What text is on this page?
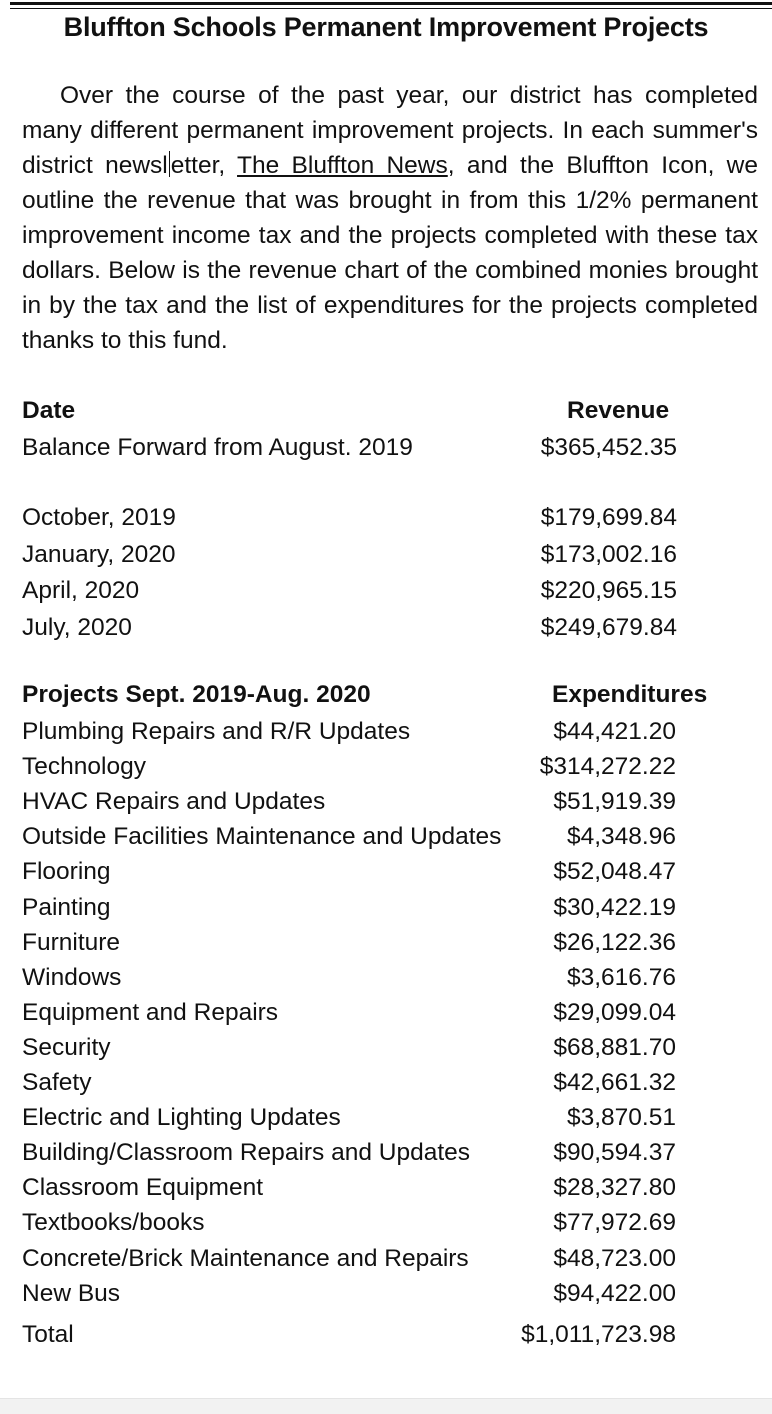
Bluffton Schools Permanent Improvement Projects
Over the course of the past year, our district has completed many different permanent improvement projects. In each summer's district newsl etter, The Bluffton News, and the Bluffton Icon, we outline the revenue that was brought in from this 1/2% permanent improvement income tax and the projects completed with these tax dollars. Below is the revenue chart of the combined monies brought in by the tax and the list of expenditures for the projects completed thanks to this fund.
Date	Revenue
Balance Forward from August. 2019	$365,452.35
October, 2019	$179,699.84
January, 2020	$173,002.16
April, 2020	$220,965.15
July, 2020	$249,679.84
Projects Sept. 2019-Aug. 2020	Expenditures
Plumbing Repairs and R/R Updates	$44,421.20
Technology	$314,272.22
HVAC Repairs and Updates	$51,919.39
Outside Facilities Maintenance and Updates	$4,348.96
Flooring	$52,048.47
Painting	$30,422.19
Furniture	$26,122.36
Windows	$3,616.76
Equipment and Repairs	$29,099.04
Security	$68,881.70
Safety	$42,661.32
Electric and Lighting Updates	$3,870.51
Building/Classroom Repairs and Updates	$90,594.37
Classroom Equipment	$28,327.80
Textbooks/books	$77,972.69
Concrete/Brick Maintenance and Repairs	$48,723.00
New Bus	$94,422.00
Total	$1,011,723.98
